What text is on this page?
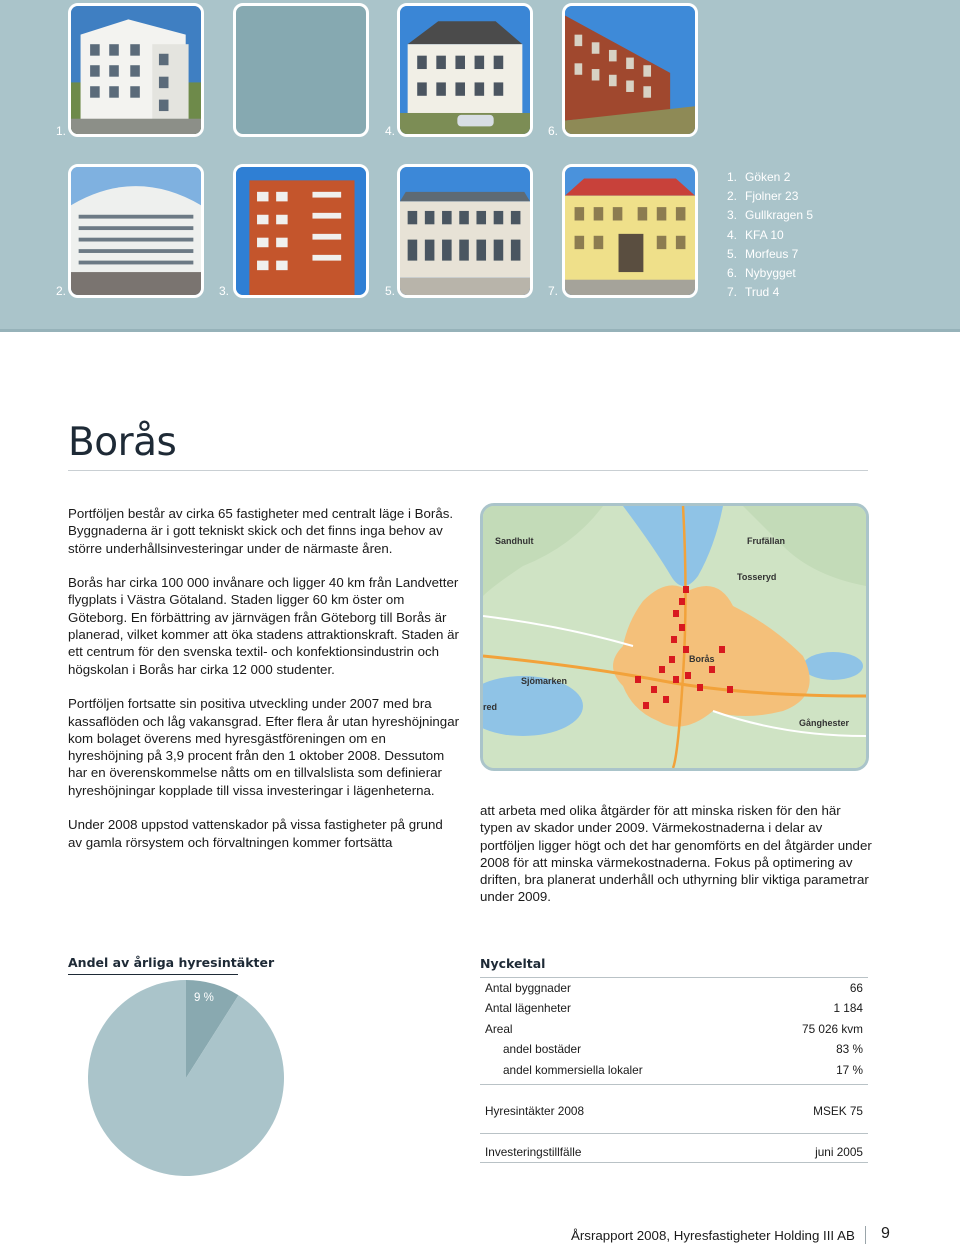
1.	4.	6.
2.	3.	5.	7.
1. Göken 2
2. Fjolner 23
3. Gullkragen 5
4. KFA 10
5. Morfeus 7
6. Nybygget
7. Trud 4
Borås

Portföljen består av cirka 65 fastigheter med centralt läge i Borås. Byggnaderna är i gott tekniskt skick och det finns inga behov av större underhållsinvesteringar under de närmaste åren.

Borås har cirka 100 000 invånare och ligger 40 km från Landvetter flygplats i Västra Götaland. Staden ligger 60 km öster om Göteborg. En förbättring av järnvägen från Göteborg till Borås är planerad, vilket kommer att öka stadens attraktionskraft. Staden är ett centrum för den svenska textil- och konfektionsindustrin och högskolan i Borås har cirka 12 000 studenter.

Portföljen fortsatte sin positiva utveckling under 2007 med bra kassaflöden och låg vakansgrad. Efter flera år utan hyreshöjningar kom bolaget överens med hyresgästföreningen om en hyreshöjning på 3,9 procent från den 1 oktober 2008. Dessutom har en överenskommelse nåtts om en tillvalslista som definierar hyreshöjningar kopplade till vissa investeringar i lägenheterna.

Under 2008 uppstod vattenskador på vissa fastigheter på grund av gamla rörsystem och förvaltningen kommer fortsätta

Sandhult	Frufällan
Tosseryd
Borås
Sjömarken
red
Gånghester

att arbeta med olika åtgärder för att minska risken för den här typen av skador under 2009. Värmekostnaderna i delar av portföljen ligger högt och det har genomförts en del åtgärder under 2008 för att minska värmekostnaderna. Fokus på optimering av driften, bra planerat underhåll och uthyrning blir viktiga parametrar under 2009.

Andel av årliga hyresintäkter
9 %
Nyckeltal
Antal byggnader	66
Antal lägenheter	1 184
Areal	75 026 kvm
andel bostäder	83 %
andel kommersiella lokaler	17 %
Hyresintäkter 2008	MSEK 75
Investeringstillfälle	juni 2005
Årsrapport 2008, Hyresfastigheter Holding III AB 9
